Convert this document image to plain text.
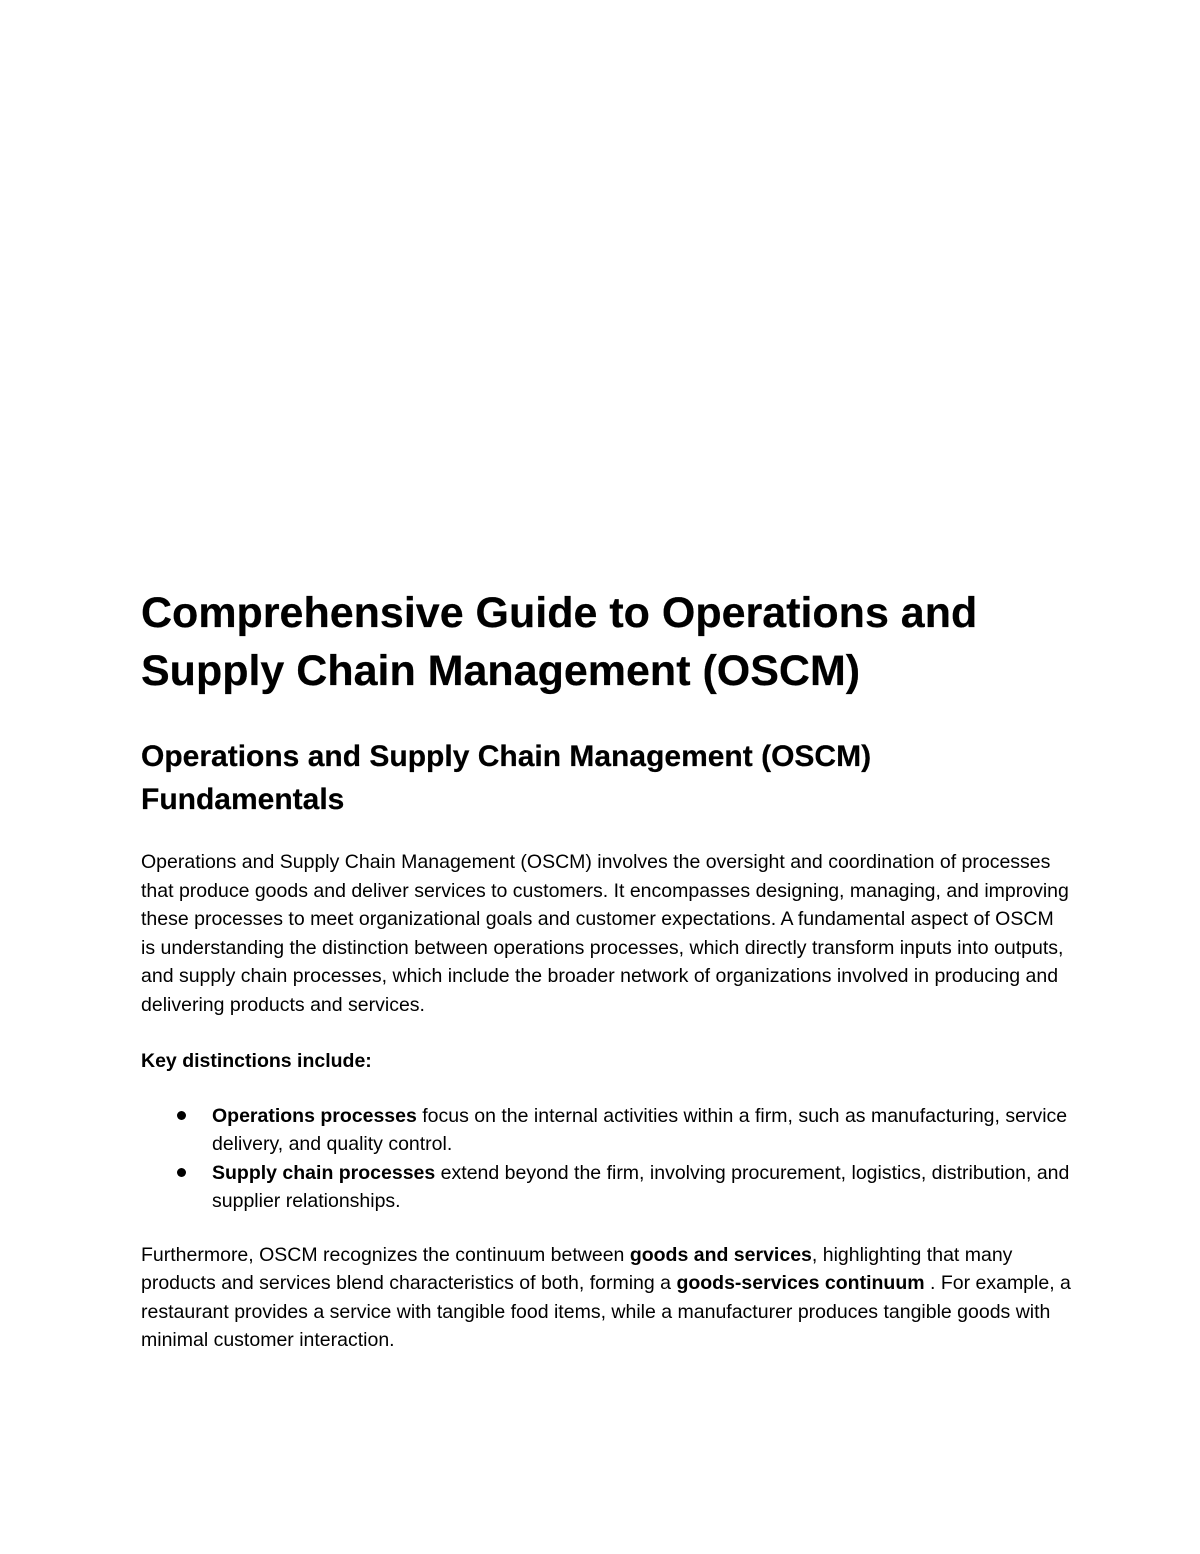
Comprehensive Guide to Operations and Supply Chain Management (OSCM)
Operations and Supply Chain Management (OSCM) Fundamentals

Operations and Supply Chain Management (OSCM) involves the oversight and coordination of processes that produce goods and deliver services to customers. It encompasses designing, managing, and improving these processes to meet organizational goals and customer expectations. A fundamental aspect of OSCM is understanding the distinction between operations processes, which directly transform inputs into outputs, and supply chain processes, which include the broader network of organizations involved in producing and delivering products and services.

Key distinctions include:

Operations processes focus on the internal activities within a firm, such as manufacturing, service delivery, and quality control.
Supply chain processes extend beyond the firm, involving procurement, logistics, distribution, and supplier relationships.

Furthermore, OSCM recognizes the continuum between goods and services, highlighting that many products and services blend characteristics of both, forming a goods-services continuum . For example, a restaurant provides a service with tangible food items, while a manufacturer produces tangible goods with minimal customer interaction.
